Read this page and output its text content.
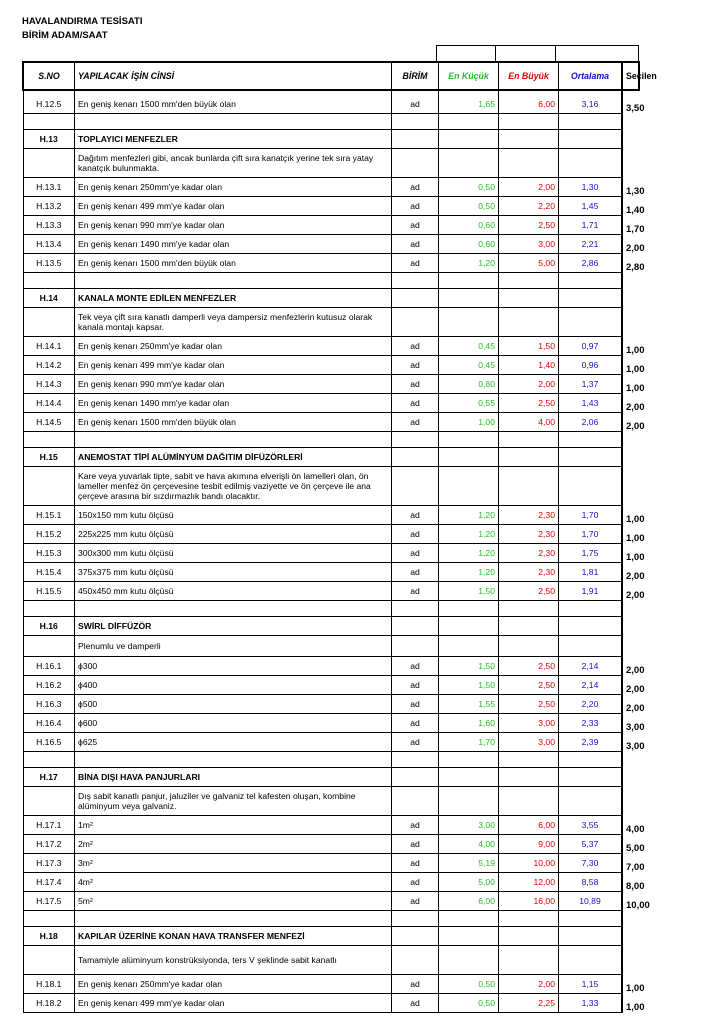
HAVALANDIRMA TESİSATI
BİRİM ADAM/SAAT
S.NO	YAPILACAK İŞİN CİNSİ	BİRİM	En Küçük	En Büyük	Ortalama	Seçilen

H.12.5	En geniş kenarı 1500 mm'den büyük olan	ad	1,65	6,00	3,16	3,50

H.13	TOPLAYICI MENFEZLER					
	Dağıtım menfezleri gibi, ancak bunlarda çift sıra kanatçık yerine tek sıra yatay kanatçık bulunmakta.					
H.13.1	En geniş kenarı 250mm'ye kadar olan	ad	0,50	2,00	1,30	1,30
H.13.2	En geniş kenarı 499 mm'ye kadar olan	ad	0,50	2,20	1,45	1,40
H.13.3	En geniş kenarı 990 mm'ye kadar olan	ad	0,60	2,50	1,71	1,70
H.13.4	En geniş kenarı 1490 mm'ye kadar olan	ad	0,60	3,00	2,21	2,00
H.13.5	En geniş kenarı 1500 mm'den büyük olan	ad	1,20	5,00	2,86	2,80

H.14	KANALA MONTE EDİLEN MENFEZLER					
	Tek veya çift sıra kanatlı damperli veya dampersiz menfezlerin kutusuz olarak kanala montajı kapsar.					
H.14.1	En geniş kenarı 250mm'ye kadar olan	ad	0,45	1,50	0,97	1,00
H.14.2	En geniş kenarı 499 mm'ye kadar olan	ad	0,45	1,40	0,96	1,00
H.14.3	En geniş kenarı 990 mm'ye kadar olan	ad	0,80	2,00	1,37	1,00
H.14.4	En geniş kenarı 1490 mm'ye kadar olan	ad	0,55	2,50	1,43	2,00
H.14.5	En geniş kenarı 1500 mm'den büyük olan	ad	1,00	4,00	2,06	2,00

H.15	ANEMOSTAT TİPİ ALÜMİNYUM DAĞITIM DİFÜZÖRLERİ					
	Kare veya yuvarlak tipte, sabit ve hava akımına elverişli ön lamelleri olan, ön lameller menfez ön çerçevesine tesbit edilmiş vaziyette ve ön çerçeve ile ana çerçeve arasına bir sızdırmazlık bandı olacaktır.					
H.15.1	150x150 mm kutu ölçüsü	ad	1,20	2,30	1,70	1,00
H.15.2	225x225 mm kutu ölçüsü	ad	1,20	2,30	1,70	1,00
H.15.3	300x300 mm kutu ölçüsü	ad	1,20	2,30	1,75	1,00
H.15.4	375x375 mm kutu ölçüsü	ad	1,20	2,30	1,81	2,00
H.15.5	450x450 mm kutu ölçüsü	ad	1,50	2,50	1,91	2,00

H.16	SWİRL DİFFÜZÖR					
	Plenumlu ve damperli					
H.16.1	ϕ300	ad	1,50	2,50	2,14	2,00
H.16.2	ϕ400	ad	1,50	2,50	2,14	2,00
H.16.3	ϕ500	ad	1,55	2,50	2,20	2,00
H.16.4	ϕ600	ad	1,60	3,00	2,33	3,00
H.16.5	ϕ625	ad	1,70	3,00	2,39	3,00

H.17	BİNA DIŞI HAVA PANJURLARI					
	Dış sabit kanatlı panjur, jaluziler ve galvaniz tel kafesten oluşan, kombine alüminyum veya galvaniz.					
H.17.1	1m²	ad	3,00	6,00	3,55	4,00
H.17.2	2m²	ad	4,00	9,00	5,37	5,00
H.17.3	3m²	ad	5,19	10,00	7,30	7,00
H.17.4	4m²	ad	5,00	12,00	8,58	8,00
H.17.5	5m²	ad	6,00	16,00	10,89	10,00

H.18	KAPILAR ÜZERİNE KONAN HAVA TRANSFER MENFEZİ					
	Tamamiyle alüminyum konstrüksiyonda, ters V şeklinde sabit kanatlı					
H.18.1	En geniş kenarı 250mm'ye kadar olan	ad	0,50	2,00	1,15	1,00
H.18.2	En geniş kenarı 499 mm'ye kadar olan	ad	0,50	2,25	1,33	1,00
